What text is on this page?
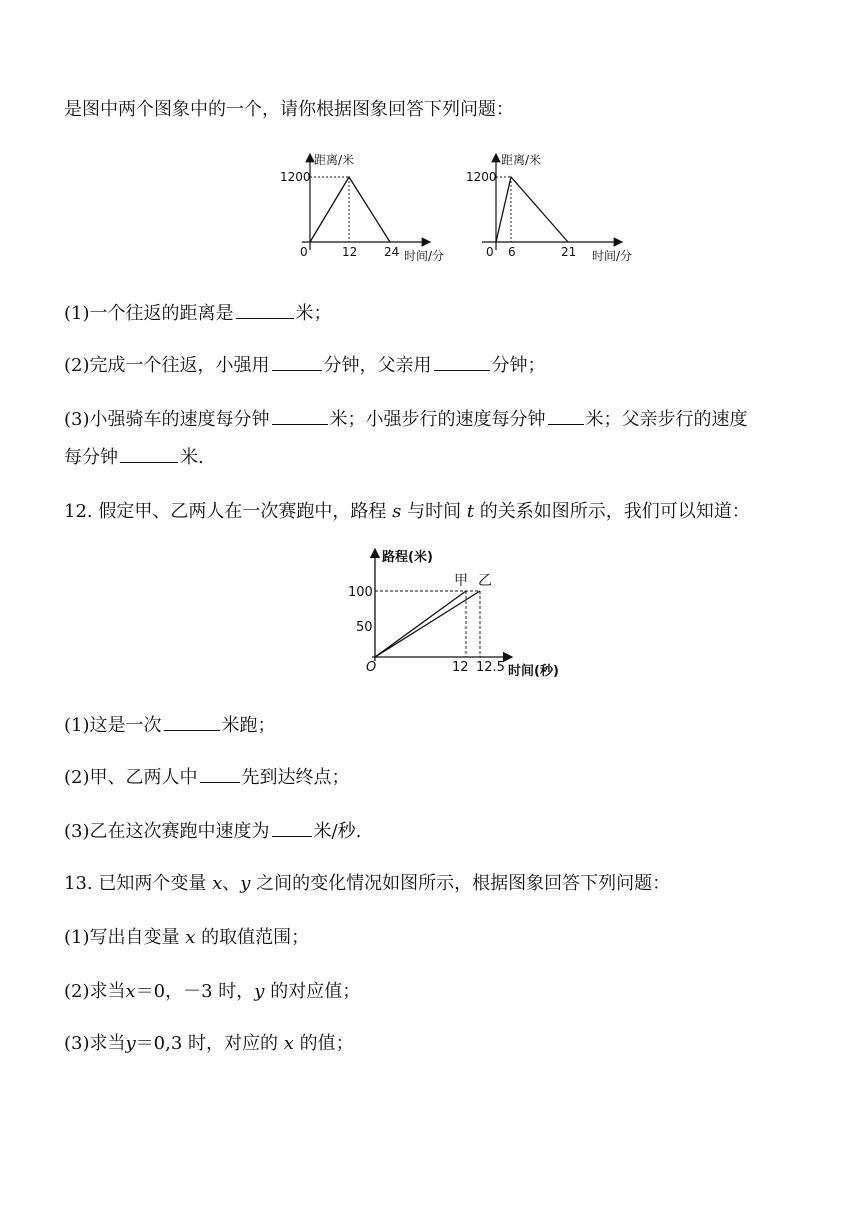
是图中两个图象中的一个，请你根据图象回答下列问题：
距离/米
1200
0	12 24 时间/分
距离/米
1200
0 6	21 时间/分
(1)一个往返的距离是	米；
(2)完成一个往返，小强用	分钟，父亲用	分钟；
(3)小强骑车的速度每分钟	米；小强步行的速度每分钟 米；父亲步行的速度
每分钟	米.
12. 假定甲、乙两人在一次赛跑中，路程 s 与时间 t 的关系如图所示，我们可以知道：
路程(米)
100
50
O	12 12.5 时间(秒)
甲 乙
(1)这是一次	米跑；
(2)甲、乙两人中 先到达终点；
(3)乙在这次赛跑中速度为 米/秒.
13. 已知两个变量 x、y 之间的变化情况如图所示，根据图象回答下列问题：
(1)写出自变量 x 的取值范围；
(2)求当x＝0，－3 时，y 的对应值；
(3)求当y＝0,3 时，对应的 x 的值；
